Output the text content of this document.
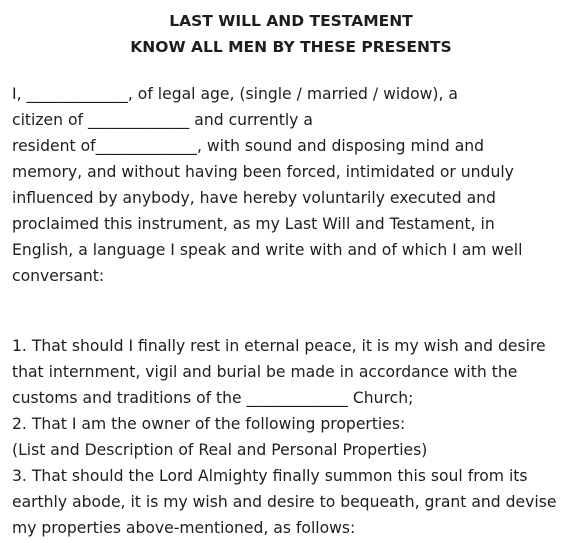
LAST WILL AND TESTAMENT
KNOW ALL MEN BY THESE PRESENTS

I, _____________, of legal age, (single / married / widow), a
citizen of _____________ and currently a
resident of_____________, with sound and disposing mind and
memory, and without having been forced, intimidated or unduly
influenced by anybody, have hereby voluntarily executed and
proclaimed this instrument, as my Last Will and Testament, in
English, a language I speak and write with and of which I am well
conversant:

1. That should I finally rest in eternal peace, it is my wish and desire
that internment, vigil and burial be made in accordance with the
customs and traditions of the _____________ Church;
2. That I am the owner of the following properties:
(List and Description of Real and Personal Properties)
3. That should the Lord Almighty finally summon this soul from its
earthly abode, it is my wish and desire to bequeath, grant and devise
my properties above-mentioned, as follows:
